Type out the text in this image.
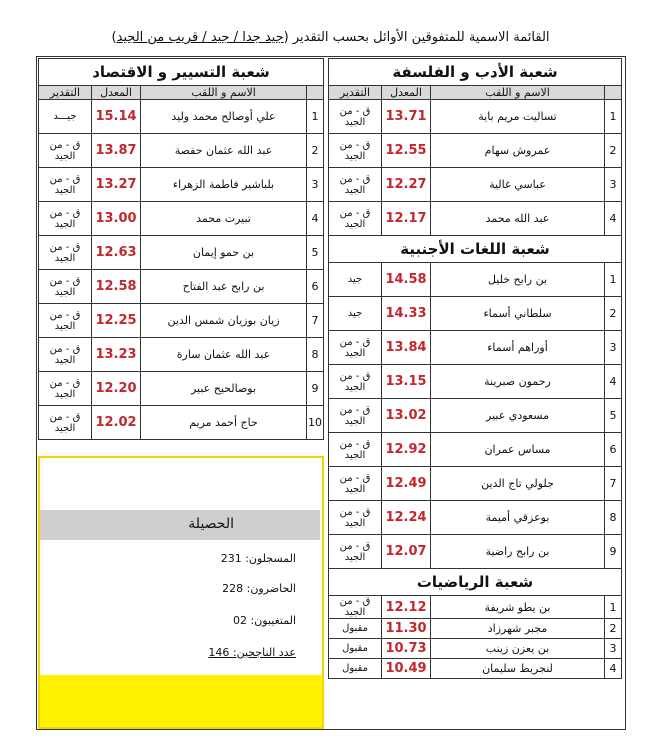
القائمة الاسمية للمتفوقين الأوائل بحسب التقدير (جيد جدا / جيد / قريب من الجيد)
شعبة الأدب و الفلسفة			
	الاسم و اللقب	المعدل	التقدير
1	تساليت مريم باية	13.71	ق - من الجيد
2	عمروش سهام	12.55	ق - من الجيد
3	عباسي غالية	12.27	ق - من الجيد
4	عبد الله محمد	12.17	ق - من الجيد
شعبة اللغات الأجنبية			
1	بن رابح خليل	14.58	جيد
2	سلطاني أسماء	14.33	جيد
3	أوراهم أسماء	13.84	ق - من الجيد
4	رحمون صبرينة	13.15	ق - من الجيد
5	مسعودي عبير	13.02	ق - من الجيد
6	مساس عمران	12.92	ق - من الجيد
7	جلولي تاج الدين	12.49	ق - من الجيد
8	بوعزقي أميمة	12.24	ق - من الجيد
9	بن رابح راضية	12.07	ق - من الجيد
شعبة الرياضيات			
1	بن يطو شريفة	12.12	ق - من الجيد
2	مجبر شهرزاد	11.30	مقبول
3	بن يعزن زينب	10.73	مقبول
4	لنجريط سليمان	10.49	مقبول
شعبة التسيير و الاقتصاد			
	الاسم و اللقب	المعدل	التقدير
1	علي أوصالح محمد وليد	15.14	جيـــد
2	عبد الله عثمان حفصة	13.87	ق - من الجيد
3	بلباشير فاطمة الزهراء	13.27	ق - من الجيد
4	تبيرت محمد	13.00	ق - من الجيد
5	بن حمو إيمان	12.63	ق - من الجيد
6	بن رابح عبد الفتاح	12.58	ق - من الجيد
7	زيان بوزيان شمس الدين	12.25	ق - من الجيد
8	عبد الله عثمان سارة	13.23	ق - من الجيد
9	بوصالحيح عبير	12.20	ق - من الجيد
10	حاج أحمد مريم	12.02	ق - من الجيد
الحصيلة
المسجلون: 231
الحاضرون: 228
المتغيبون: 02
عدد الناجحين: 146
